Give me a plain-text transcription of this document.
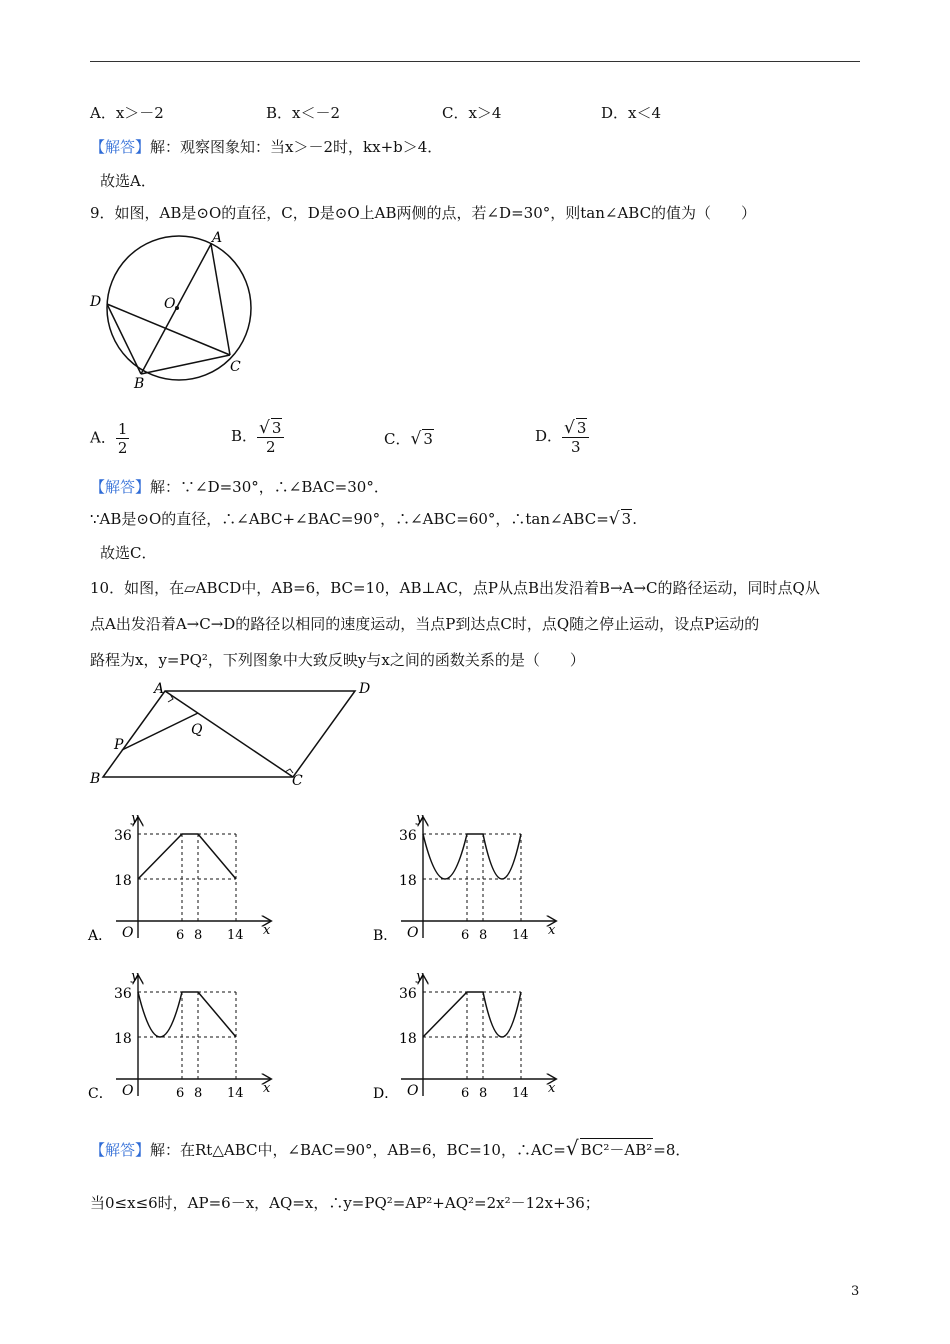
A．x＞－2	B．x＜－2	C．x＞4	D．x＜4
【解答】解：观察图象知：当x＞－2时，kx+b＞4．
故选A．
9．如图，AB是⊙O的直径，C，D是⊙O上AB两侧的点，若∠D=30°，则tan∠ABC的值为（　　）
A
B
C
D	O
A． $\frac{1}{2}$	B． $\frac{√ 3}{2}$	C．√ 3	D． $\frac{√ 3}{3}$
【解答】解：∵∠D=30°，∴∠BAC=30°．
∵AB是⊙O的直径，∴∠ABC+∠BAC=90°，∴∠ABC=60°，∴tan∠ABC=√ 3.
故选C．
10．如图，在▱ABCD中，AB=6，BC=10，AB⊥AC，点P从点B出发沿着B→A→C的路径运动，同时点Q从
点A出发沿着A→C→D的路径以相同的速度运动，当点P到达点C时，点Q随之停止运动，设点P运动的
路程为x，y=PQ²，下列图象中大致反映y与x之间的函数关系的是（　　）
A	D
B	C
P
Q
A．
36
18
O	6 8 14 x
y
B．
36
18
O	6 8 14 x
y
C．
36
18
O	6 8 14 x
y
D．
36
18
O	6 8 14 x
y
【解答】解：在Rt△ABC中，∠BAC=90°，AB=6，BC=10，∴AC=√ BC²－AB²=8．
当0≤x≤6时，AP=6－x，AQ=x，∴y=PQ²=AP²+AQ²=2x²－12x+36；
3
